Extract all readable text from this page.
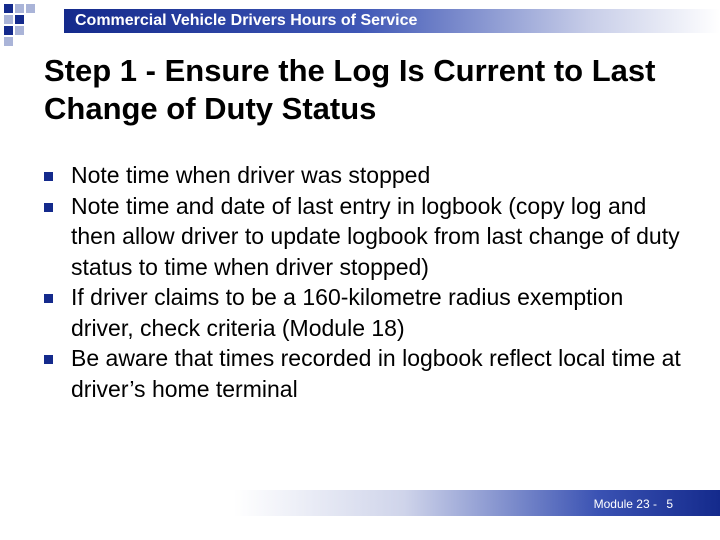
Commercial Vehicle Drivers Hours of Service
Step 1 - Ensure the Log Is Current to Last Change of Duty Status
Note time when driver was stopped
Note time and date of last entry in logbook (copy log and then allow driver to update logbook from last change of duty status to time when driver stopped)
If driver claims to be a 160-kilometre radius exemption driver, check criteria (Module 18)
Be aware that times recorded in logbook reflect local time at driver’s home terminal
Module 23 - 5
